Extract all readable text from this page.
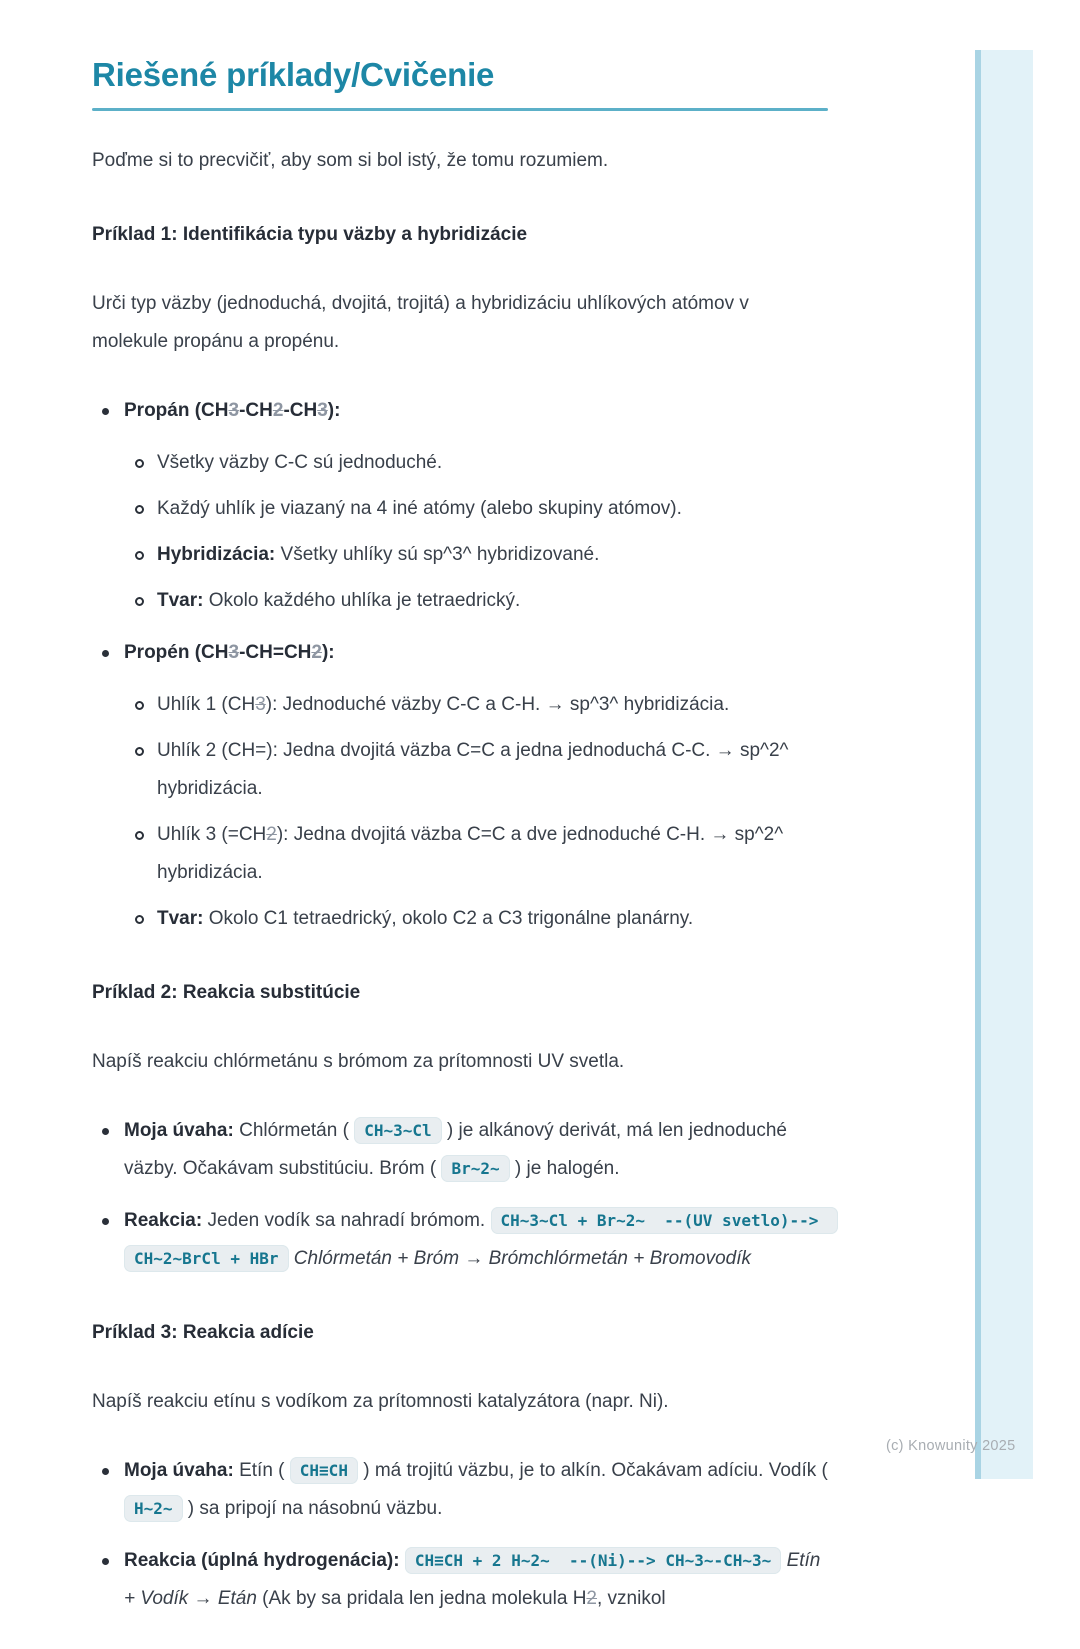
Riešené príklady/Cvičenie

Poďme si to precvičiť, aby som si bol istý, že tomu rozumiem.

Príklad 1: Identifikácia typu väzby a hybridizácie

Urči typ väzby (jednoduchá, dvojitá, trojitá) a hybridizáciu uhlíkových atómov v molekule propánu a propénu.

Propán (CH3-CH2-CH3):
Všetky väzby C-C sú jednoduché.
Každý uhlík je viazaný na 4 iné atómy (alebo skupiny atómov).
Hybridizácia: Všetky uhlíky sú sp^3^ hybridizované.
Tvar: Okolo každého uhlíka je tetraedrický.
Propén (CH3-CH=CH2):
Uhlík 1 (CH3): Jednoduché väzby C-C a C-H. → sp^3^ hybridizácia.
Uhlík 2 (CH=): Jedna dvojitá väzba C=C a jedna jednoduchá C-C. → sp^2^ hybridizácia.
Uhlík 3 (=CH2): Jedna dvojitá väzba C=C a dve jednoduché C-H. → sp^2^ hybridizácia.
Tvar: Okolo C1 tetraedrický, okolo C2 a C3 trigonálne planárny.
Príklad 2: Reakcia substitúcie

Napíš reakciu chlórmetánu s brómom za prítomnosti UV svetla.

Moja úvaha: Chlórmetán ( CH~3~Cl ) je alkánový derivát, má len jednoduché väzby. Očakávam substitúciu. Bróm ( Br~2~ ) je halogén.
Reakcia: Jeden vodík sa nahradí brómom. CH~3~Cl + Br~2~  --(UV svetlo)--> CH~2~BrCl + HBr Chlórmetán + Bróm → Brómchlórmetán + Bromovodík
Príklad 3: Reakcia adície

Napíš reakciu etínu s vodíkom za prítomnosti katalyzátora (napr. Ni).

Moja úvaha: Etín ( CH≡CH ) má trojitú väzbu, je to alkín. Očakávam adíciu. Vodík ( H~2~ ) sa pripojí na násobnú väzbu.
Reakcia (úplná hydrogenácia): CH≡CH + 2 H~2~  --(Ni)--> CH~3~-CH~3~ Etín + Vodík → Etán (Ak by sa pridala len jedna molekula H2, vznikol
(c) Knowunity 2025
